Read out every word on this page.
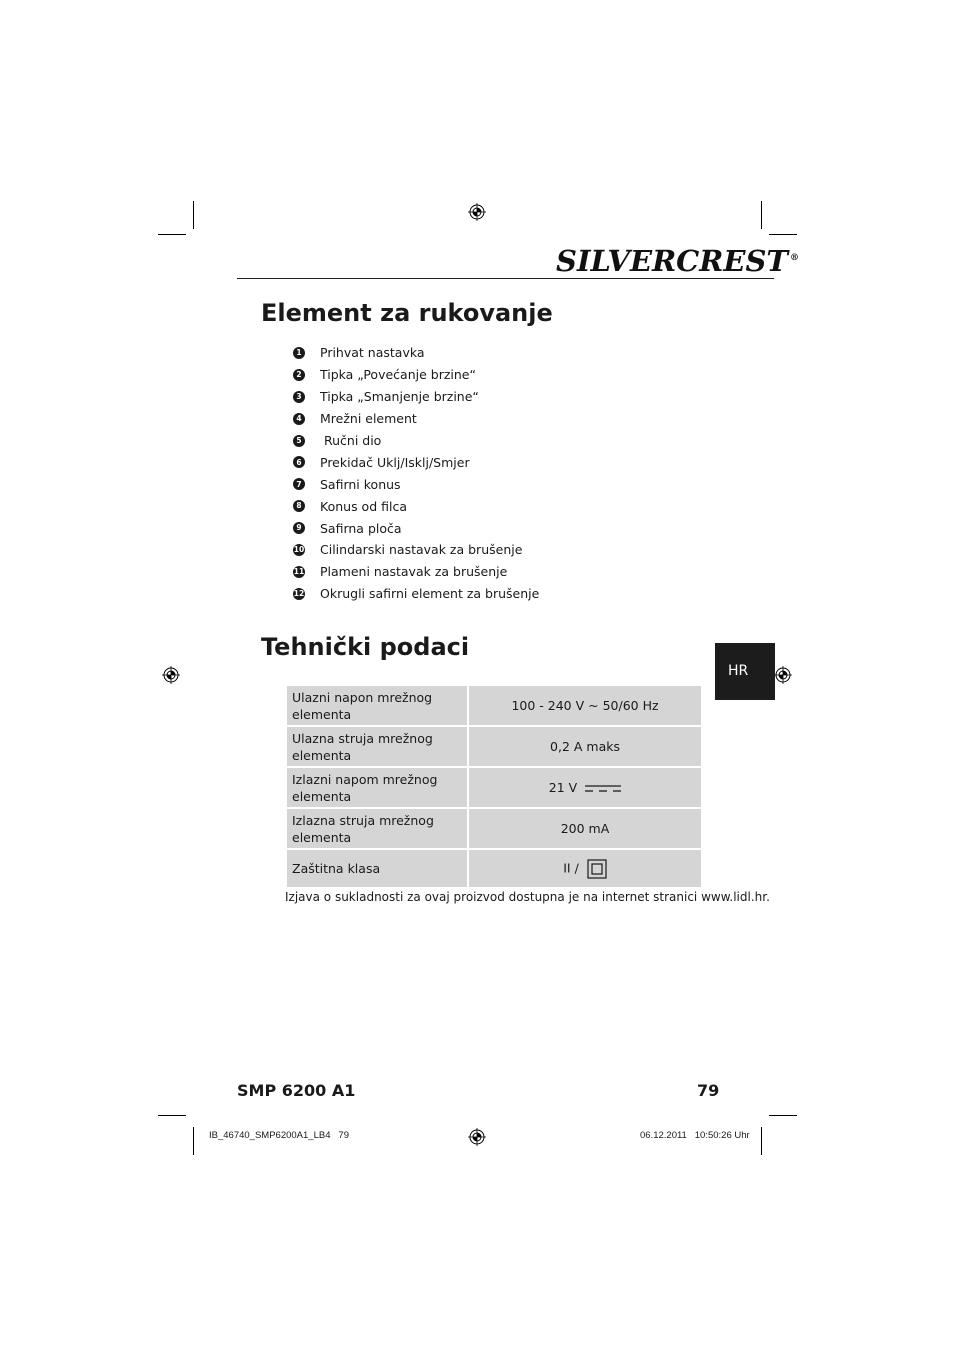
SILVERCREST ®
Element za rukovanje
1 Prihvat nastavka
2 Tipka „Povećanje brzine“
3 Tipka „Smanjenje brzine“
4 Mrežni element
5 Ručni dio
6 Prekidač Uklj/Isklj/Smjer
7 Safirni konus
8 Konus od filca
9 Safirna ploča
10 Cilindarski nastavak za brušenje
11 Plameni nastavak za brušenje
12 Okrugli safirni element za brušenje
Tehnički podaci
HR
Ulazni napon mrežnog
elementa	100 - 240 V ~ 50/60 Hz
Ulazna struja mrežnog
elementa	0,2 A maks
Izlazni napom mrežnog
elementa	21 V
Izlazna struja mrežnog
elementa	200 mA
Zaštitna klasa	II /
Izjava o sukladnosti za ovaj proizvod dostupna je na internet stranici www.lidl.hr.
SMP 6200 A1	79
IB_46740_SMP6200A1_LB4   79	06.12.2011   10:50:26 Uhr
